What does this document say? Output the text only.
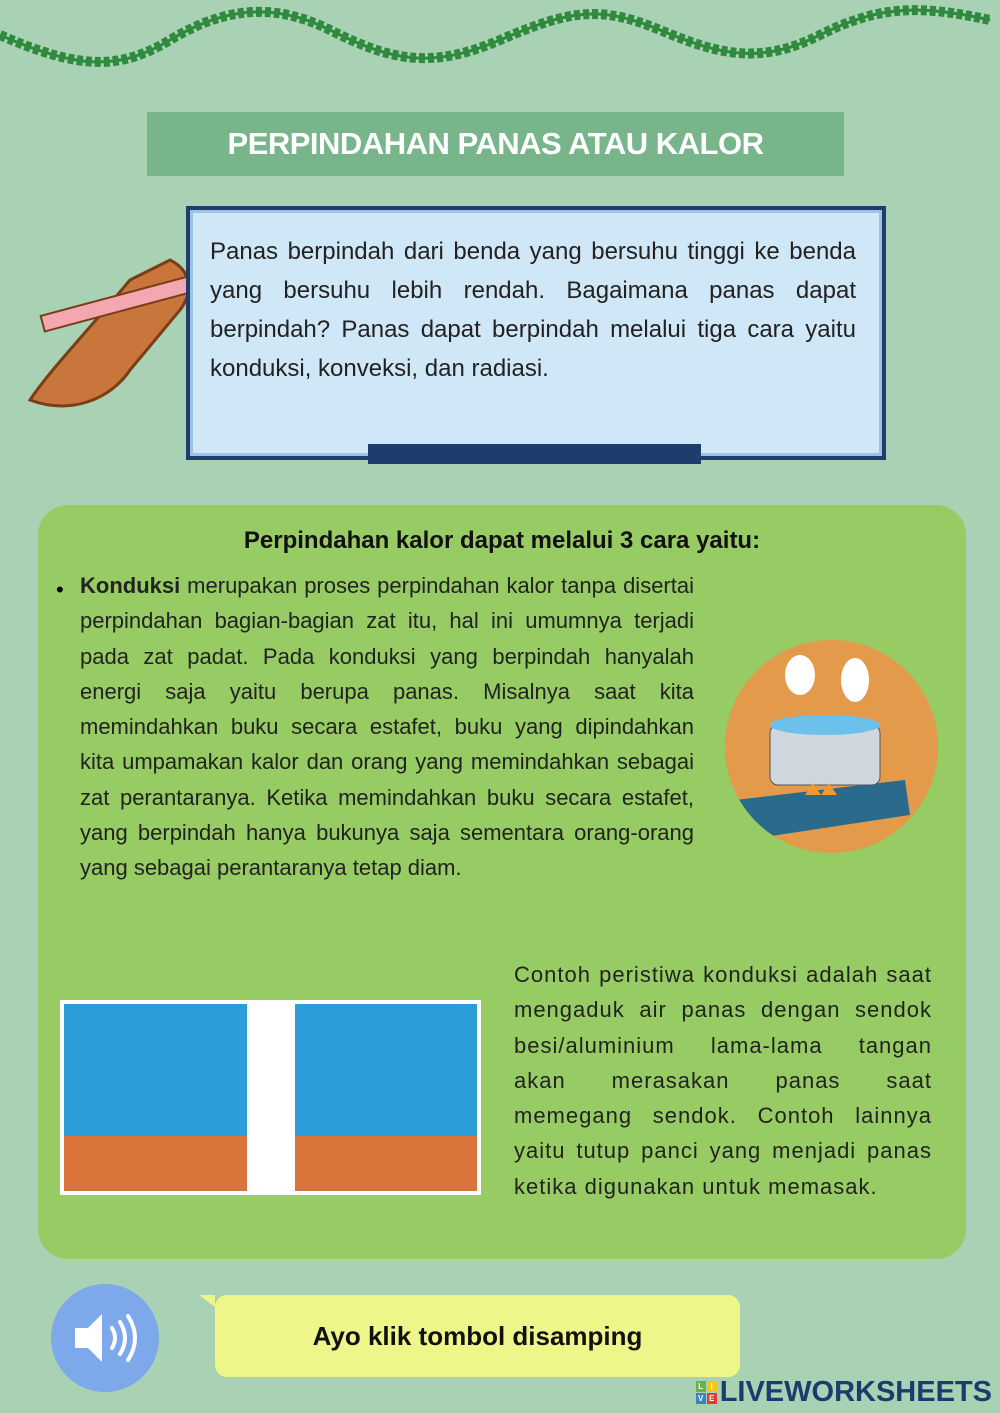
PERPINDAHAN PANAS ATAU KALOR

Panas berpindah dari benda yang bersuhu tinggi ke benda yang bersuhu lebih rendah. Bagaimana panas dapat berpindah? Panas dapat berpindah melalui tiga cara yaitu konduksi, konveksi, dan radiasi.

Perpindahan kalor dapat melalui 3 cara yaitu:
• Konduksi merupakan proses perpindahan kalor tanpa disertai perpindahan bagian-bagian zat itu, hal ini umumnya terjadi pada zat padat. Pada konduksi yang berpindah hanyalah energi saja yaitu berupa panas. Misalnya saat kita memindahkan buku secara estafet, buku yang dipindahkan kita umpamakan kalor dan orang yang memindahkan sebagai zat perantaranya. Ketika memindahkan buku secara estafet, yang berpindah hanya bukunya saja sementara orang-orang yang sebagai perantaranya tetap diam.

Contoh peristiwa konduksi adalah saat mengaduk air panas dengan sendok besi/aluminium lama-lama tangan akan merasakan panas saat memegang sendok. Contoh lainnya yaitu tutup panci yang menjadi panas ketika digunakan untuk memasak.

Ayo klik tombol disamping
L I
V E LIVEWORKSHEETS
